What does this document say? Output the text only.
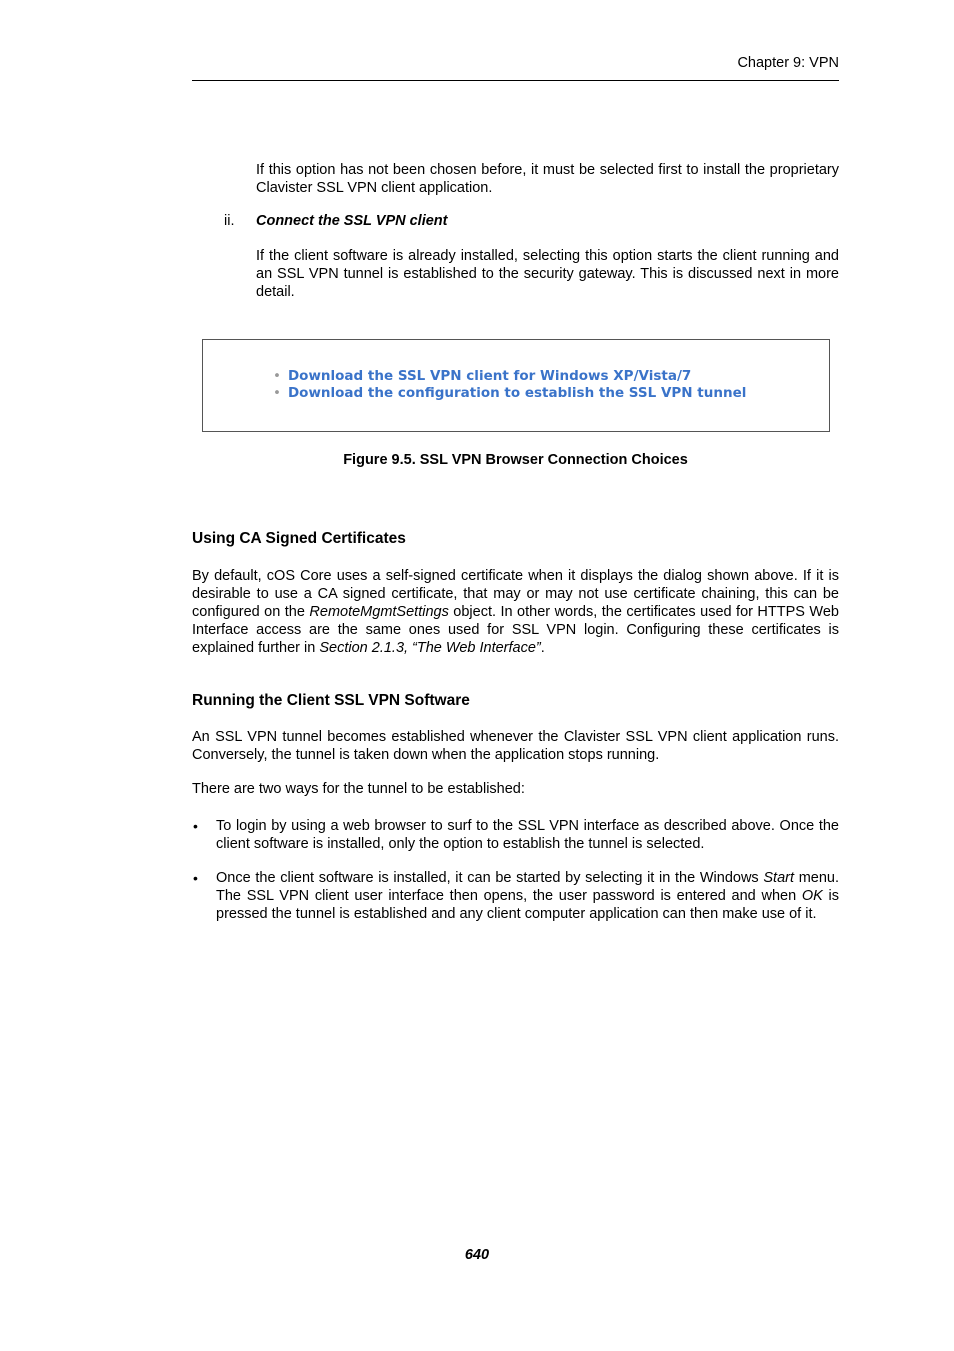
Chapter 9: VPN
If this option has not been chosen before, it must be selected first to install the proprietary Clavister SSL VPN client application.
ii. Connect the SSL VPN client
If the client software is already installed, selecting this option starts the client running and an SSL VPN tunnel is established to the security gateway. This is discussed next in more detail.
• Download the SSL VPN client for Windows XP/Vista/7
• Download the configuration to establish the SSL VPN tunnel
Figure 9.5. SSL VPN Browser Connection Choices
Using CA Signed Certificates
By default, cOS Core uses a self-signed certificate when it displays the dialog shown above. If it is desirable to use a CA signed certificate, that may or may not use certificate chaining, this can be configured on the RemoteMgmtSettings object. In other words, the certificates used for HTTPS Web Interface access are the same ones used for SSL VPN login. Configuring these certificates is explained further in Section 2.1.3, “The Web Interface”.
Running the Client SSL VPN Software
An SSL VPN tunnel becomes established whenever the Clavister SSL VPN client application runs. Conversely, the tunnel is taken down when the application stops running.
There are two ways for the tunnel to be established:
• To login by using a web browser to surf to the SSL VPN interface as described above. Once the client software is installed, only the option to establish the tunnel is selected.
• Once the client software is installed, it can be started by selecting it in the Windows Start menu. The SSL VPN client user interface then opens, the user password is entered and when OK is pressed the tunnel is established and any client computer application can then make use of it.
640
